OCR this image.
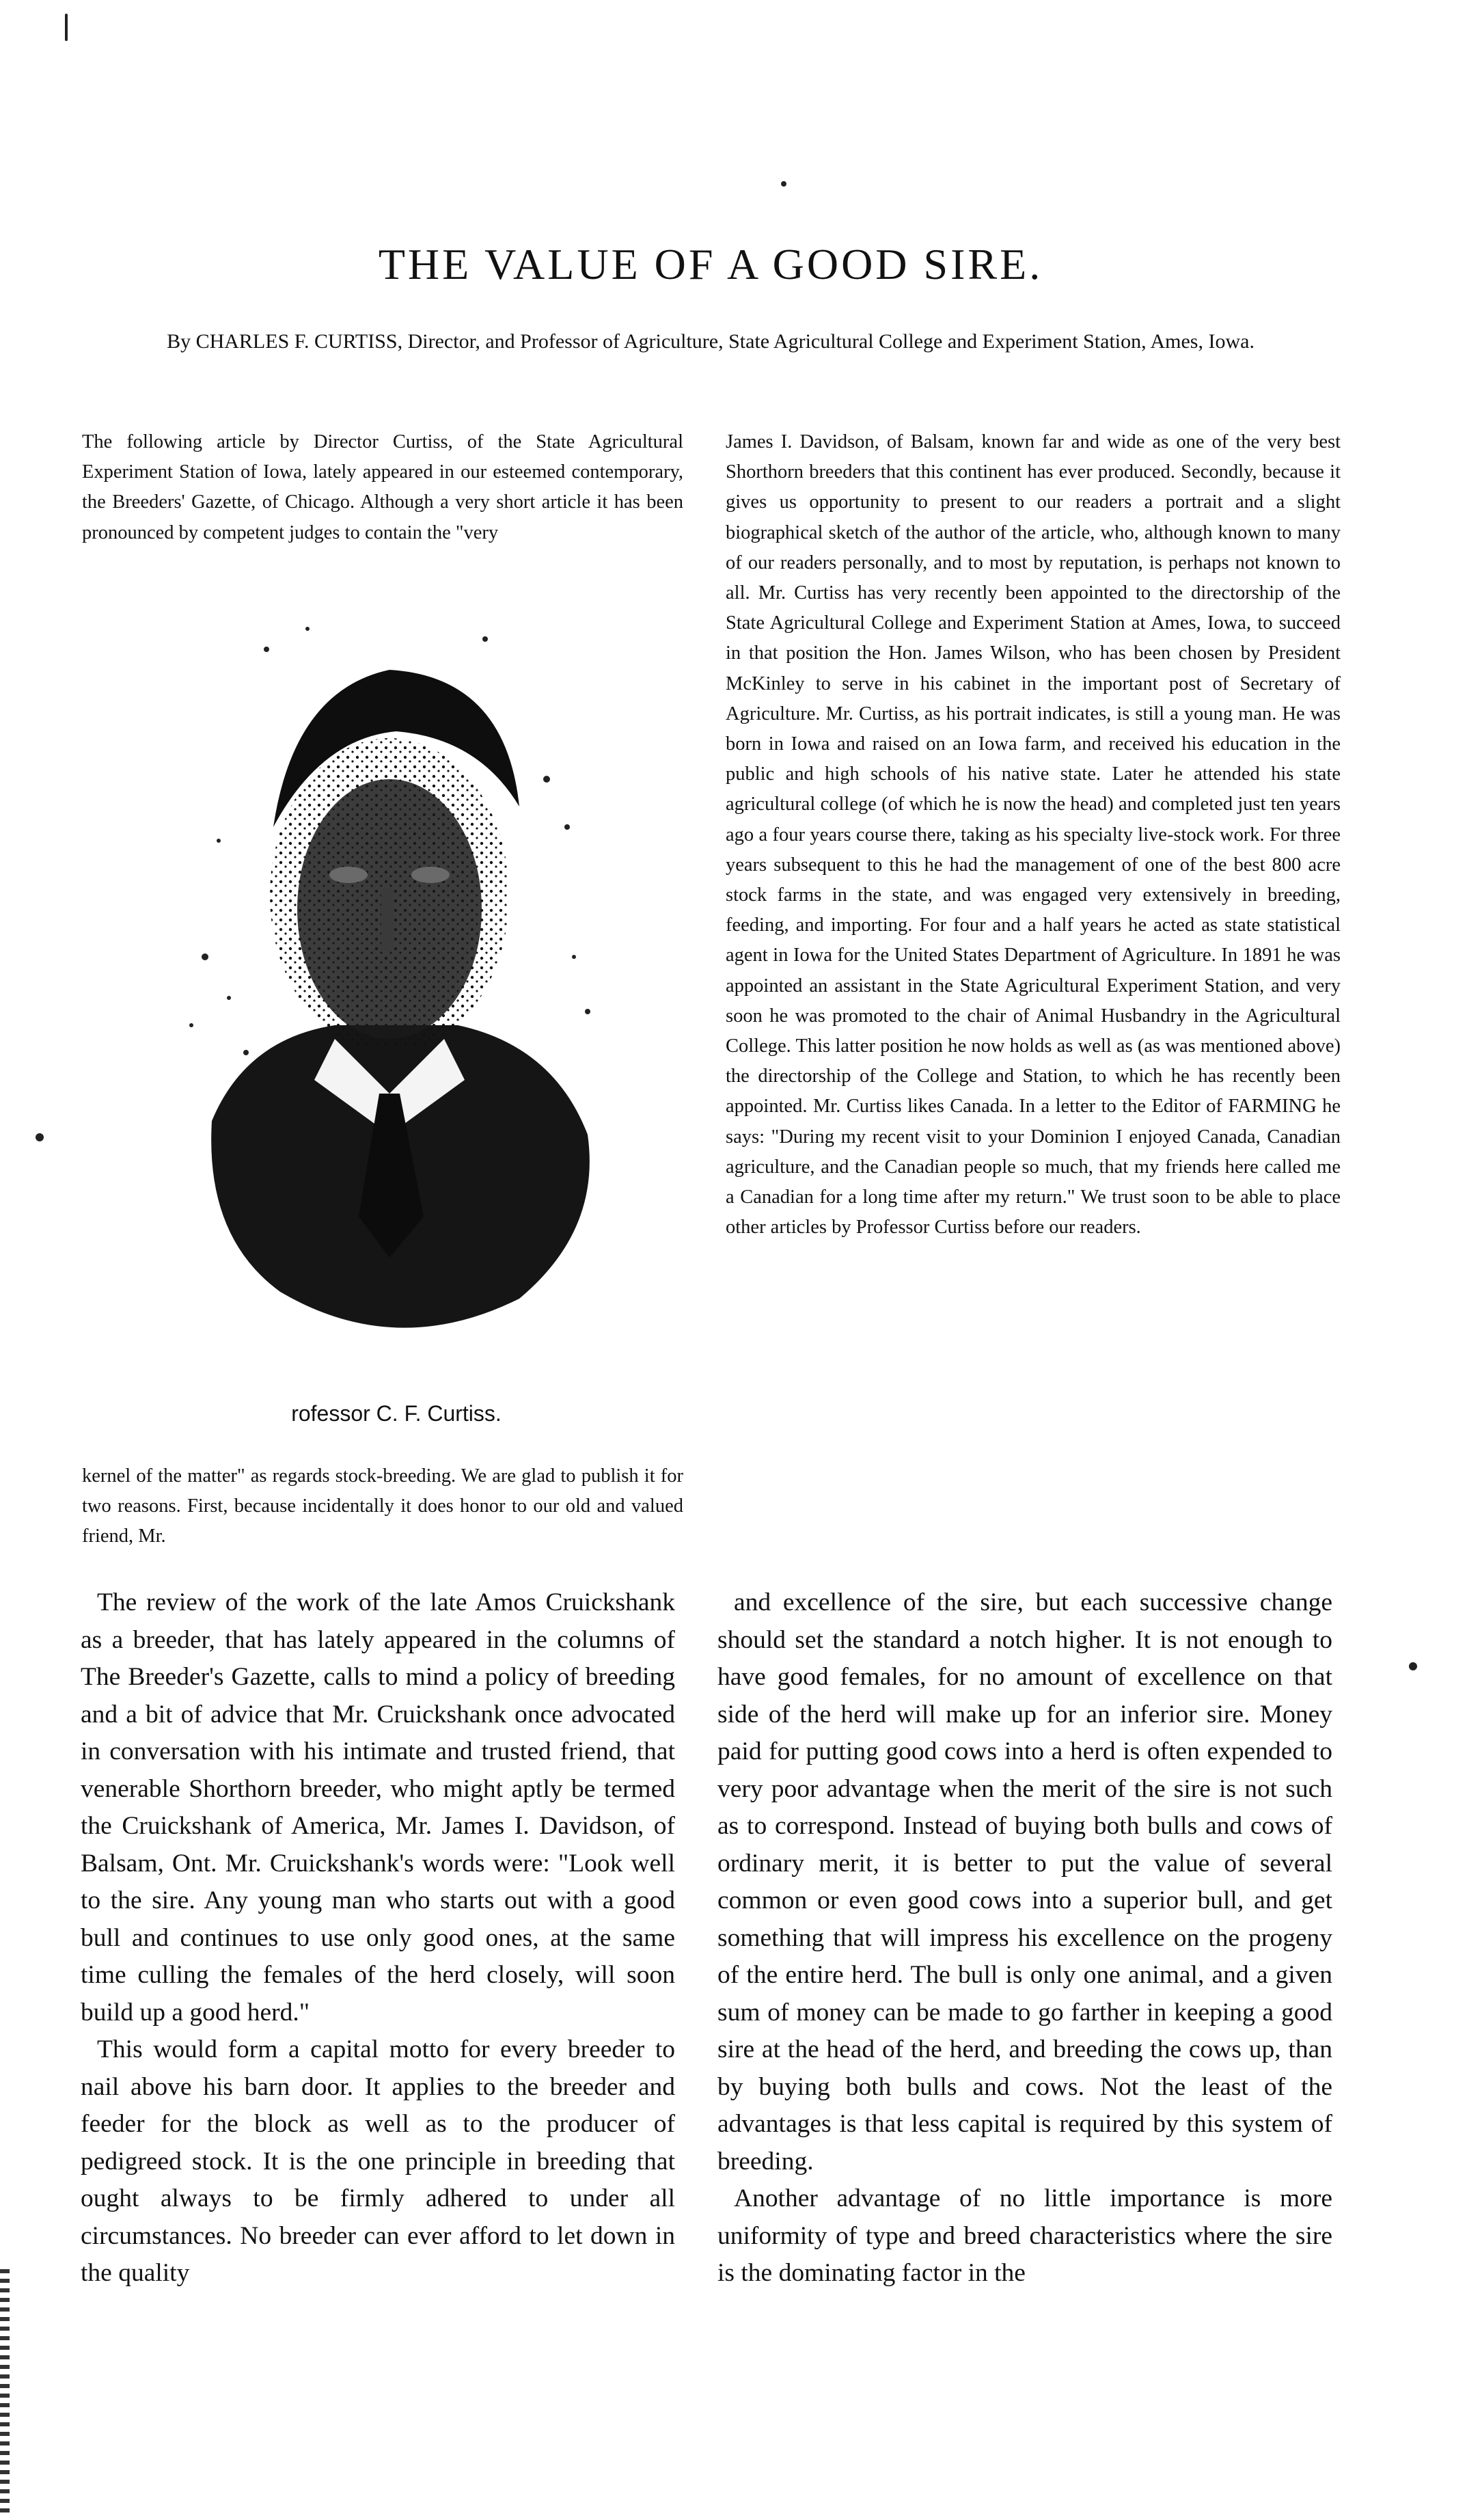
THE VALUE OF A GOOD SIRE.
By CHARLES F. CURTISS, Director, and Professor of Agriculture, State Agricultural College and Experiment Station, Ames, Iowa.
The following article by Director Curtiss, of the State Agricultural Experiment Station of Iowa, lately appeared in our esteemed contemporary, the Breeders' Gazette, of Chicago. Although a very short article it has been pronounced by competent judges to contain the "very
rofessor C. F. Curtiss.
kernel of the matter" as regards stock-breeding. We are glad to publish it for two reasons. First, because incidentally it does honor to our old and valued friend, Mr.
James I. Davidson, of Balsam, known far and wide as one of the very best Shorthorn breeders that this continent has ever produced. Secondly, because it gives us opportunity to present to our readers a portrait and a slight biographical sketch of the author of the article, who, although known to many of our readers personally, and to most by reputation, is perhaps not known to all. Mr. Curtiss has very recently been appointed to the directorship of the State Agricultural College and Experiment Station at Ames, Iowa, to succeed in that position the Hon. James Wilson, who has been chosen by President McKinley to serve in his cabinet in the important post of Secretary of Agriculture. Mr. Curtiss, as his portrait indicates, is still a young man. He was born in Iowa and raised on an Iowa farm, and received his education in the public and high schools of his native state. Later he attended his state agricultural college (of which he is now the head) and completed just ten years ago a four years course there, taking as his specialty live-stock work. For three years subsequent to this he had the management of one of the best 800 acre stock farms in the state, and was engaged very extensively in breeding, feeding, and importing. For four and a half years he acted as state statistical agent in Iowa for the United States Department of Agriculture. In 1891 he was appointed an assistant in the State Agricultural Experiment Station, and very soon he was promoted to the chair of Animal Husbandry in the Agricultural College. This latter position he now holds as well as (as was mentioned above) the directorship of the College and Station, to which he has recently been appointed. Mr. Curtiss likes Canada. In a letter to the Editor of FARMING he says: "During my recent visit to your Dominion I enjoyed Canada, Canadian agriculture, and the Canadian people so much, that my friends here called me a Canadian for a long time after my return." We trust soon to be able to place other articles by Professor Curtiss before our readers.

The review of the work of the late Amos Cruickshank as a breeder, that has lately appeared in the columns of The Breeder's Gazette, calls to mind a policy of breeding and a bit of advice that Mr. Cruickshank once advocated in conversation with his intimate and trusted friend, that venerable Shorthorn breeder, who might aptly be termed the Cruickshank of America, Mr. James I. Davidson, of Balsam, Ont. Mr. Cruickshank's words were: "Look well to the sire. Any young man who starts out with a good bull and continues to use only good ones, at the same time culling the females of the herd closely, will soon build up a good herd."

This would form a capital motto for every breeder to nail above his barn door. It applies to the breeder and feeder for the block as well as to the producer of pedigreed stock. It is the one principle in breeding that ought always to be firmly adhered to under all circumstances. No breeder can ever afford to let down in the quality

and excellence of the sire, but each successive change should set the standard a notch higher. It is not enough to have good females, for no amount of excellence on that side of the herd will make up for an inferior sire. Money paid for putting good cows into a herd is often expended to very poor advantage when the merit of the sire is not such as to correspond. Instead of buying both bulls and cows of ordinary merit, it is better to put the value of several common or even good cows into a superior bull, and get something that will impress his excellence on the progeny of the entire herd. The bull is only one animal, and a given sum of money can be made to go farther in keeping a good sire at the head of the herd, and breeding the cows up, than by buying both bulls and cows. Not the least of the advantages is that less capital is required by this system of breeding.

Another advantage of no little importance is more uniformity of type and breed characteristics where the sire is the dominating factor in the
